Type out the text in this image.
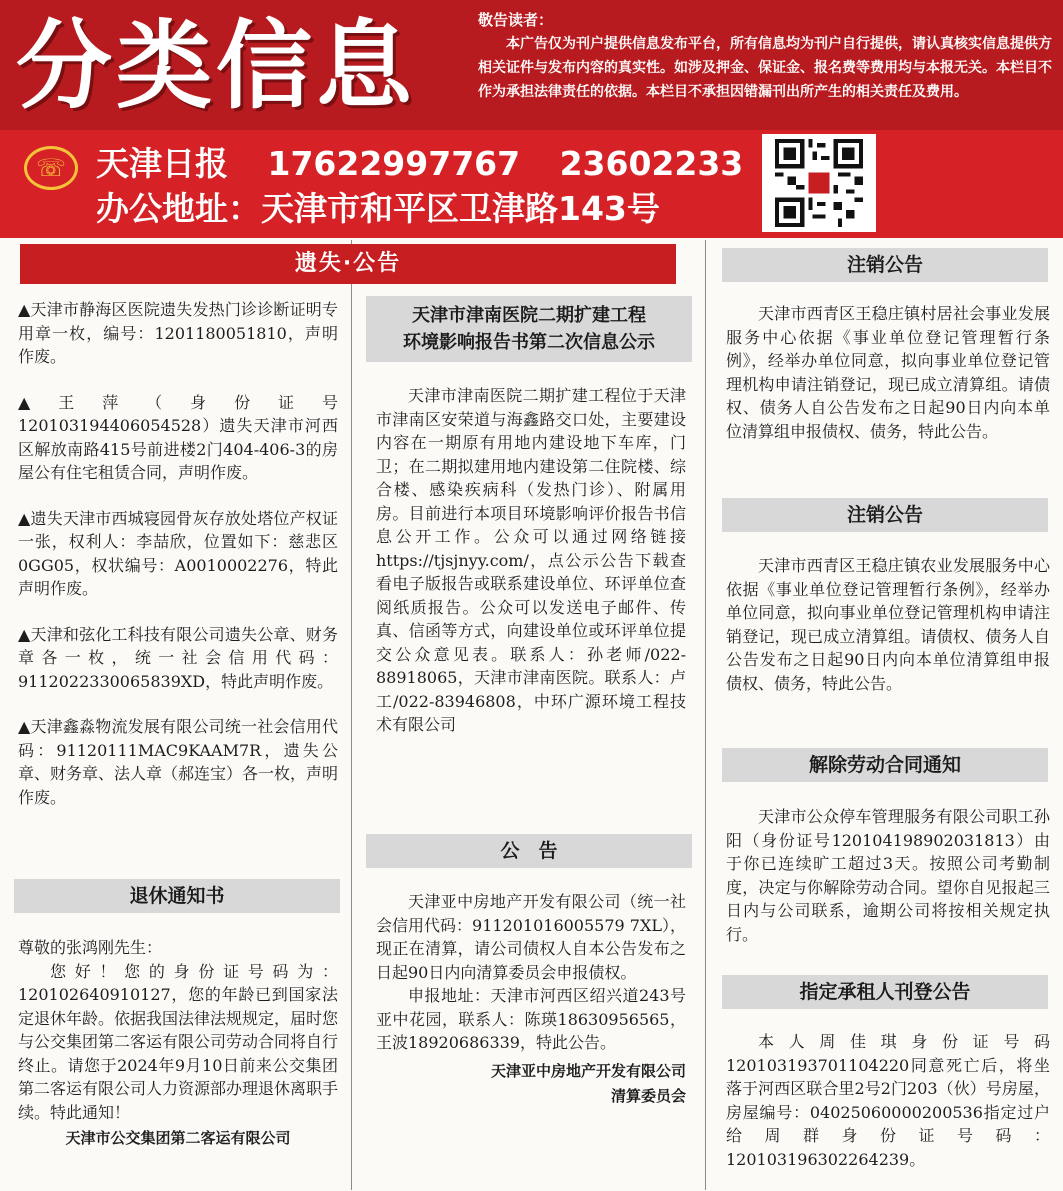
分类信息	敬告读者：
本广告仅为刊户提供信息发布平台，所有信息均为刊户自行提供，请认真核实信息提供方相关证件与发布内容的真实性。如涉及押金、保证金、报名费等费用均与本报无关。本栏目不作为承担法律责任的依据。本栏目不承担因错漏刊出所产生的相关责任及费用。
☏ 天津日报 17622997767 23602233
办公地址：天津市和平区卫津路143号
遗失·公告

▲天津市静海区医院遗失发热门诊诊断证明专用章一枚，编号：1201180051810，声明作废。

▲ 王 萍 （ 身 份 证 号 120103194406054528）遗失天津市河西区解放南路415号前进楼2门404-406-3的房屋公有住宅租赁合同，声明作废。

▲遗失天津市西城寝园骨灰存放处塔位产权证一张，权利人：李喆欣，位置如下：慈悲区0GG05，权状编号：A0010002276，特此声明作废。

▲天津和弦化工科技有限公司遗失公章、财务章各一枚，统一社会信用代码：9112022330065839XD，特此声明作废。

▲天津鑫淼物流发展有限公司统一社会信用代码：91120111MAC9KAAM7R，遗失公章、财务章、法人章（郝连宝）各一枚，声明作废。

退休通知书

尊敬的张鸿刚先生：

您好！您的身份证号码为：120102640910127，您的年龄已到国家法定退休年龄。依据我国法律法规规定，届时您与公交集团第二客运有限公司劳动合同将自行终止。请您于2024年9月10日前来公交集团第二客运有限公司人力资源部办理退休离职手续。特此通知！

天津市公交集团第二客运有限公司

天津市津南医院二期扩建工程
环境影响报告书第二次信息公示

天津市津南医院二期扩建工程位于天津市津南区安荣道与海鑫路交口处，主要建设内容在一期原有用地内建设地下车库，门卫；在二期拟建用地内建设第二住院楼、综合楼、感染疾病科（发热门诊）、附属用房。目前进行本项目环境影响评价报告书信息公开工作。公众可以通过网络链接https://tjsjnyy.com/，点公示公告下载查看电子版报告或联系建设单位、环评单位查阅纸质报告。公众可以发送电子邮件、传真、信函等方式，向建设单位或环评单位提交公众意见表。联系人：孙老师/022-88918065，天津市津南医院。联系人：卢工/022-83946808，中环广源环境工程技术有限公司

公　告

天津亚中房地产开发有限公司（统一社会信用代码：911201016005579 7XL），现正在清算，请公司债权人自本公告发布之日起90日内向清算委员会申报债权。

申报地址：天津市河西区绍兴道243号亚中花园，联系人：陈瑛18630956565，王波18920686339，特此公告。

天津亚中房地产开发有限公司

清算委员会

注销公告

天津市西青区王稳庄镇村居社会事业发展服务中心依据《事业单位登记管理暂行条例》，经举办单位同意，拟向事业单位登记管理机构申请注销登记，现已成立清算组。请债权、债务人自公告发布之日起90日内向本单位清算组申报债权、债务，特此公告。

注销公告

天津市西青区王稳庄镇农业发展服务中心依据《事业单位登记管理暂行条例》，经举办单位同意，拟向事业单位登记管理机构申请注销登记，现已成立清算组。请债权、债务人自公告发布之日起90日内向本单位清算组申报债权、债务，特此公告。

解除劳动合同通知

天津市公众停车管理服务有限公司职工孙阳（身份证号120104198902031813）由于你已连续旷工超过3天。按照公司考勤制度，决定与你解除劳动合同。望你自见报起三日内与公司联系，逾期公司将按相关规定执行。

指定承租人刊登公告

本人周佳琪身份证号码120103193701104220同意死亡后，将坐落于河西区联合里2号2门203（伙）号房屋，房屋编号：04025060000200536指定过户给周群身份证号码：120103196302264239。
